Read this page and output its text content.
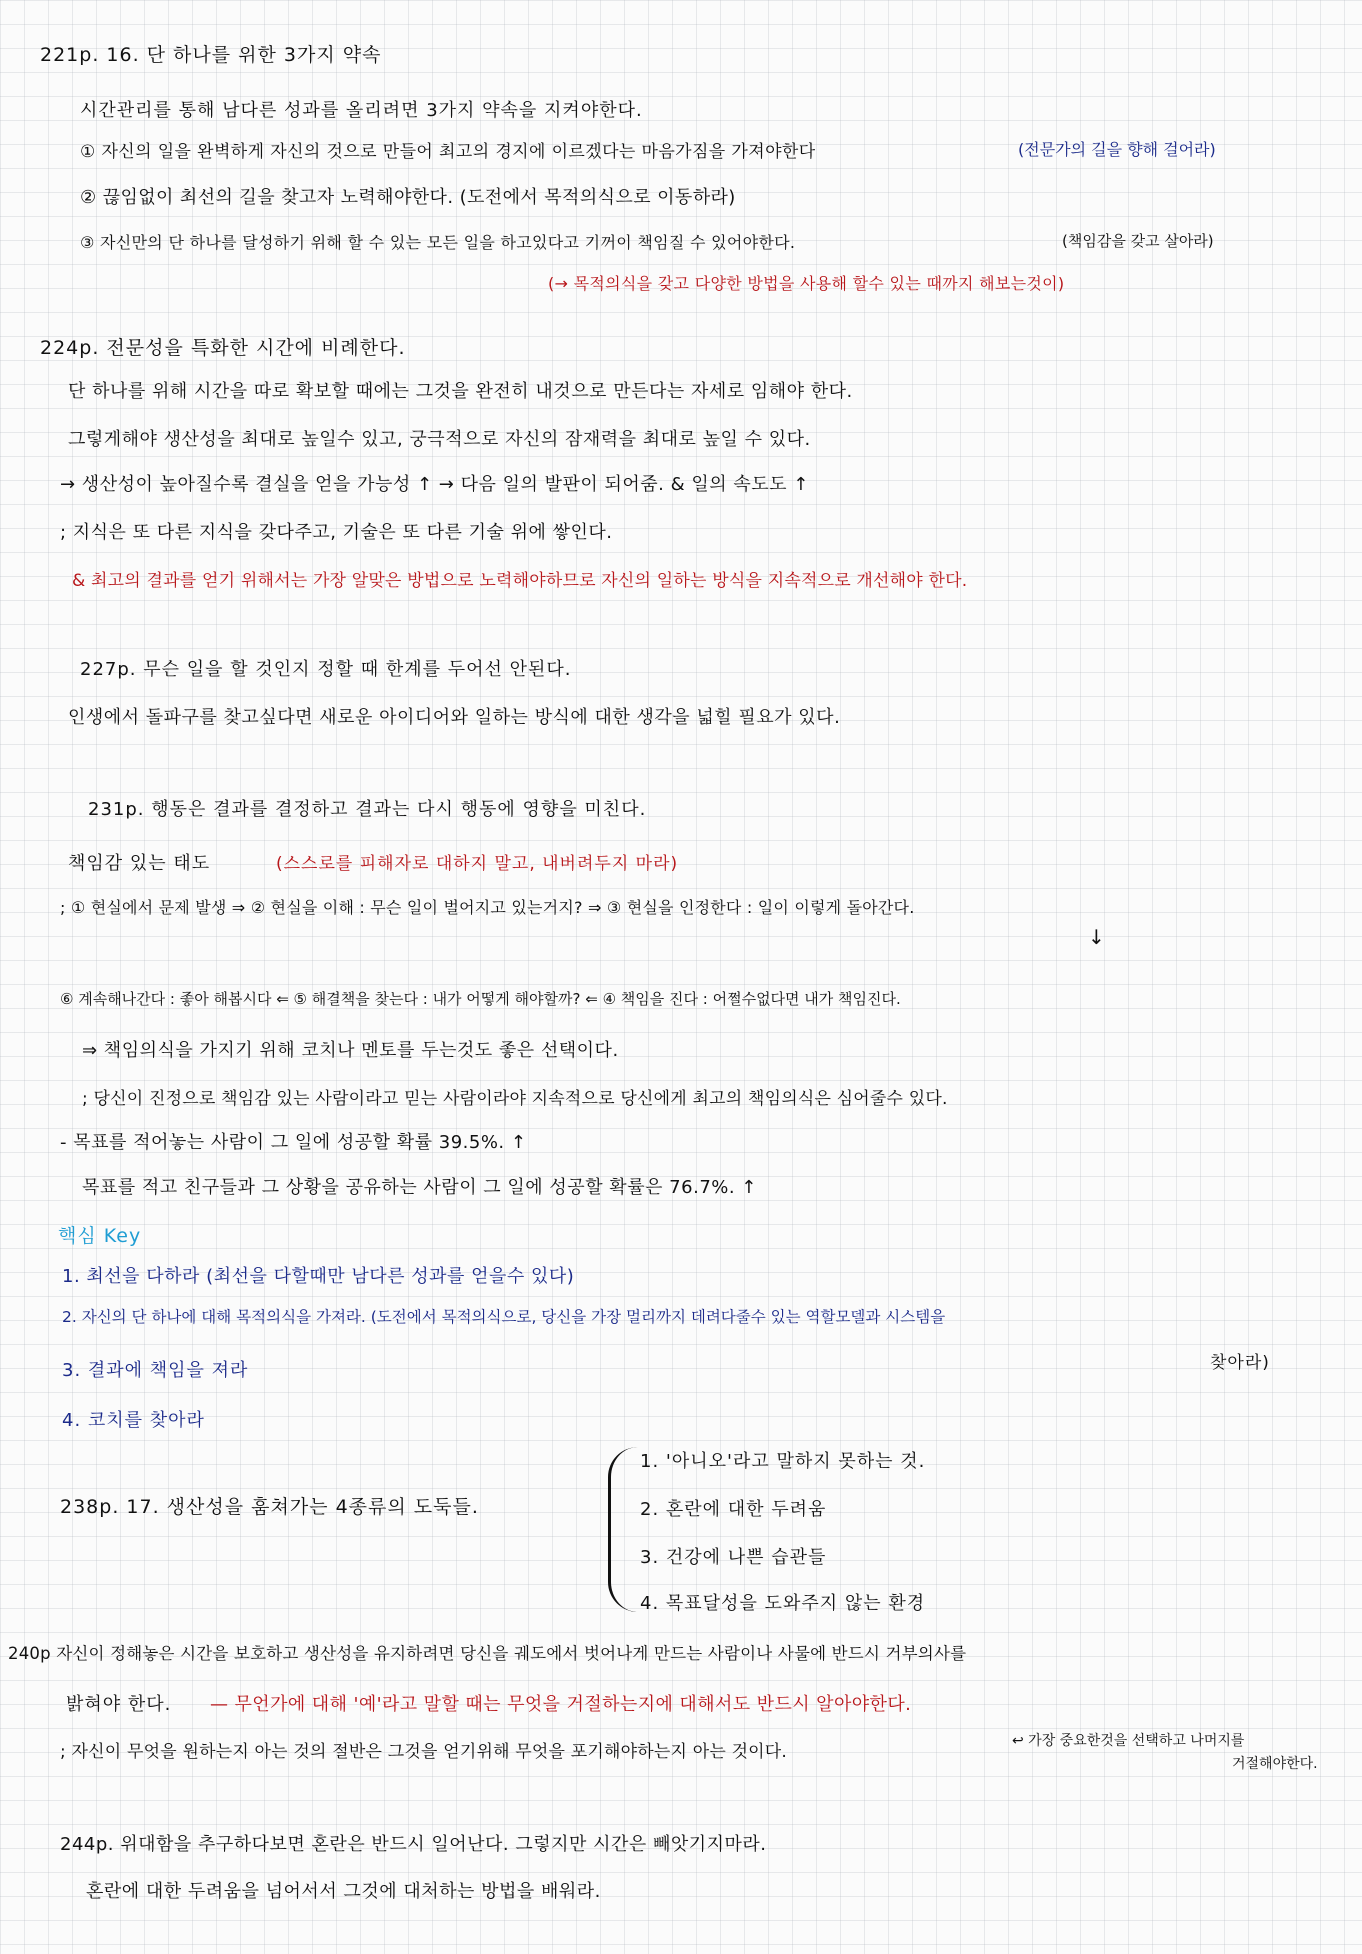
221p. 16. 단 하나를 위한 3가지 약속
시간관리를 통해 남다른 성과를 올리려면 3가지 약속을 지켜야한다.
① 자신의 일을 완벽하게 자신의 것으로 만들어 최고의 경지에 이르겠다는 마음가짐을 가져야한다	(전문가의 길을 향해 걸어라)
② 끊임없이 최선의 길을 찾고자 노력해야한다. (도전에서 목적의식으로 이동하라)
③ 자신만의 단 하나를 달성하기 위해 할 수 있는 모든 일을 하고있다고 기꺼이 책임질 수 있어야한다.	(책임감을 갖고 살아라)
(→ 목적의식을 갖고 다양한 방법을 사용해 할수 있는 때까지 해보는것이)
224p. 전문성을 특화한 시간에 비례한다.
단 하나를 위해 시간을 따로 확보할 때에는 그것을 완전히 내것으로 만든다는 자세로 임해야 한다.
그렇게해야 생산성을 최대로 높일수 있고, 궁극적으로 자신의 잠재력을 최대로 높일 수 있다.
→ 생산성이 높아질수록 결실을 얻을 가능성 ↑ → 다음 일의 발판이 되어줌. & 일의 속도도 ↑
; 지식은 또 다른 지식을 갖다주고, 기술은 또 다른 기술 위에 쌓인다.
& 최고의 결과를 얻기 위해서는 가장 알맞은 방법으로 노력해야하므로 자신의 일하는 방식을 지속적으로 개선해야 한다.
227p. 무슨 일을 할 것인지 정할 때 한계를 두어선 안된다.
인생에서 돌파구를 찾고싶다면 새로운 아이디어와 일하는 방식에 대한 생각을 넓힐 필요가 있다.
231p. 행동은 결과를 결정하고 결과는 다시 행동에 영향을 미친다.
책임감 있는 태도	(스스로를 피해자로 대하지 말고, 내버려두지 마라)
; ① 현실에서 문제 발생 ⇒ ② 현실을 이해 : 무슨 일이 벌어지고 있는거지? ⇒ ③ 현실을 인정한다 : 일이 이렇게 돌아간다.
↓
⑥ 계속해나간다 : 좋아 해봅시다 ⇐ ⑤ 해결책을 찾는다 : 내가 어떻게 해야할까? ⇐ ④ 책임을 진다 : 어쩔수없다면 내가 책임진다.
⇒ 책임의식을 가지기 위해 코치나 멘토를 두는것도 좋은 선택이다.
; 당신이 진정으로 책임감 있는 사람이라고 믿는 사람이라야 지속적으로 당신에게 최고의 책임의식은 심어줄수 있다.
- 목표를 적어놓는 사람이 그 일에 성공할 확률 39.5%. ↑
목표를 적고 친구들과 그 상황을 공유하는 사람이 그 일에 성공할 확률은 76.7%. ↑
핵심 Key
1. 최선을 다하라 (최선을 다할때만 남다른 성과를 얻을수 있다)
2. 자신의 단 하나에 대해 목적의식을 가져라. (도전에서 목적의식으로, 당신을 가장 멀리까지 데려다줄수 있는 역할모델과 시스템을
찾아라)
3. 결과에 책임을 져라
4. 코치를 찾아라
238p. 17. 생산성을 훔쳐가는 4종류의 도둑들.
1. '아니오'라고 말하지 못하는 것.
2. 혼란에 대한 두려움
3. 건강에 나쁜 습관들
4. 목표달성을 도와주지 않는 환경
240p 자신이 정해놓은 시간을 보호하고 생산성을 유지하려면 당신을 궤도에서 벗어나게 만드는 사람이나 사물에 반드시 거부의사를
밝혀야 한다. — 무언가에 대해 '예'라고 말할 때는 무엇을 거절하는지에 대해서도 반드시 알아야한다.
; 자신이 무엇을 원하는지 아는 것의 절반은 그것을 얻기위해 무엇을 포기해야하는지 아는 것이다.
↩ 가장 중요한것을 선택하고 나머지를
거절해야한다.
244p. 위대함을 추구하다보면 혼란은 반드시 일어난다. 그렇지만 시간은 빼앗기지마라.
혼란에 대한 두려움을 넘어서서 그것에 대처하는 방법을 배워라.
